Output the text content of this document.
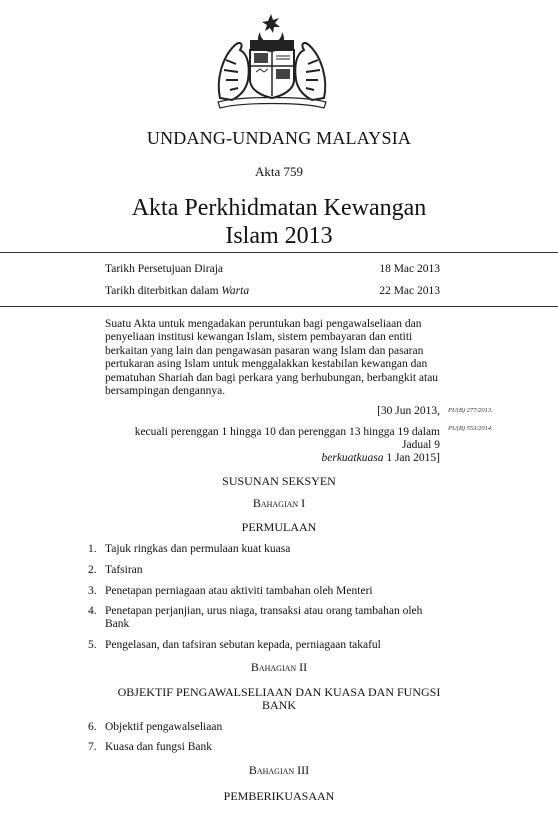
UNDANG-UNDANG MALAYSIA
Akta 759
Akta Perkhidmatan Kewangan
Islam 2013
Tarikh Persetujuan Diraja	18 Mac 2013
Tarikh diterbitkan dalam Warta	22 Mac 2013
Suatu Akta untuk mengadakan peruntukan bagi pengawalseliaan dan penyeliaan institusi kewangan Islam, sistem pembayaran dan entiti berkaitan yang lain dan pengawasan pasaran wang Islam dan pasaran pertukaran asing Islam untuk menggalakkan kestabilan kewangan dan pematuhan Shariah dan bagi perkara yang berhubungan, berbangkit atau bersampingan dengannya.
[30 Jun 2013, PU(B) 277/2013.
kecuali perenggan 1 hingga 10 dan perenggan 13 hingga 19 dalam PU(B) 553/2014.
Jadual 9
berkuatkuasa 1 Jan 2015]
SUSUNAN SEKSYEN
Bahagian I
PERMULAAN
1. Tajuk ringkas dan permulaan kuat kuasa
2. Tafsiran
3. Penetapan perniagaan atau aktiviti tambahan oleh Menteri
4. Penetapan perjanjian, urus niaga, transaksi atau orang tambahan oleh Bank
5. Pengelasan, dan tafsiran sebutan kepada, perniagaan takaful
Bahagian II
OBJEKTIF PENGAWALSELIAAN DAN KUASA DAN FUNGSI BANK
6. Objektif pengawalseliaan
7. Kuasa dan fungsi Bank
Bahagian III
PEMBERIKUASAAN
